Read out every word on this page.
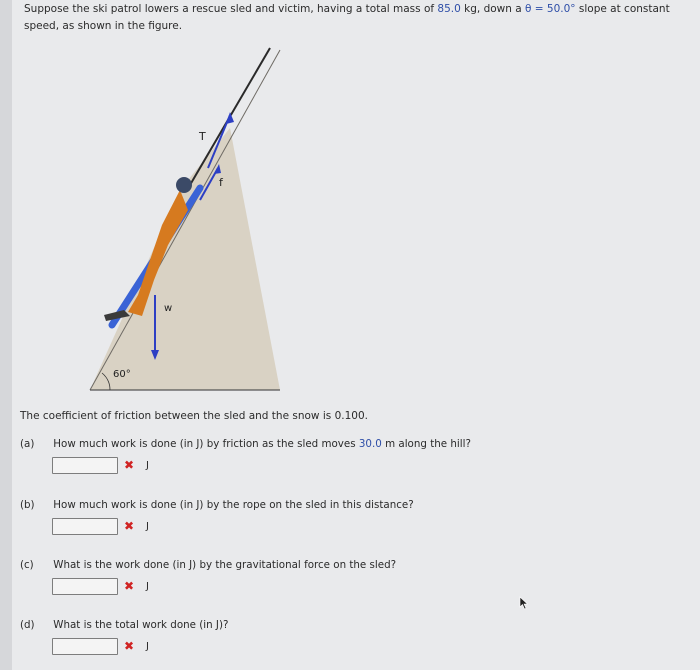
Suppose the ski patrol lowers a rescue sled and victim, having a total mass of 85.0 kg, down a θ = 50.0° slope at constant
speed, as shown in the figure.
T
f
w
60°
The coefficient of friction between the sled and the snow is 0.100.
(a) How much work is done (in J) by friction as the sled moves 30.0 m along the hill?
✖ J
(b) How much work is done (in J) by the rope on the sled in this distance?
✖ J
(c) What is the work done (in J) by the gravitational force on the sled?
✖ J
(d) What is the total work done (in J)?
✖ J
